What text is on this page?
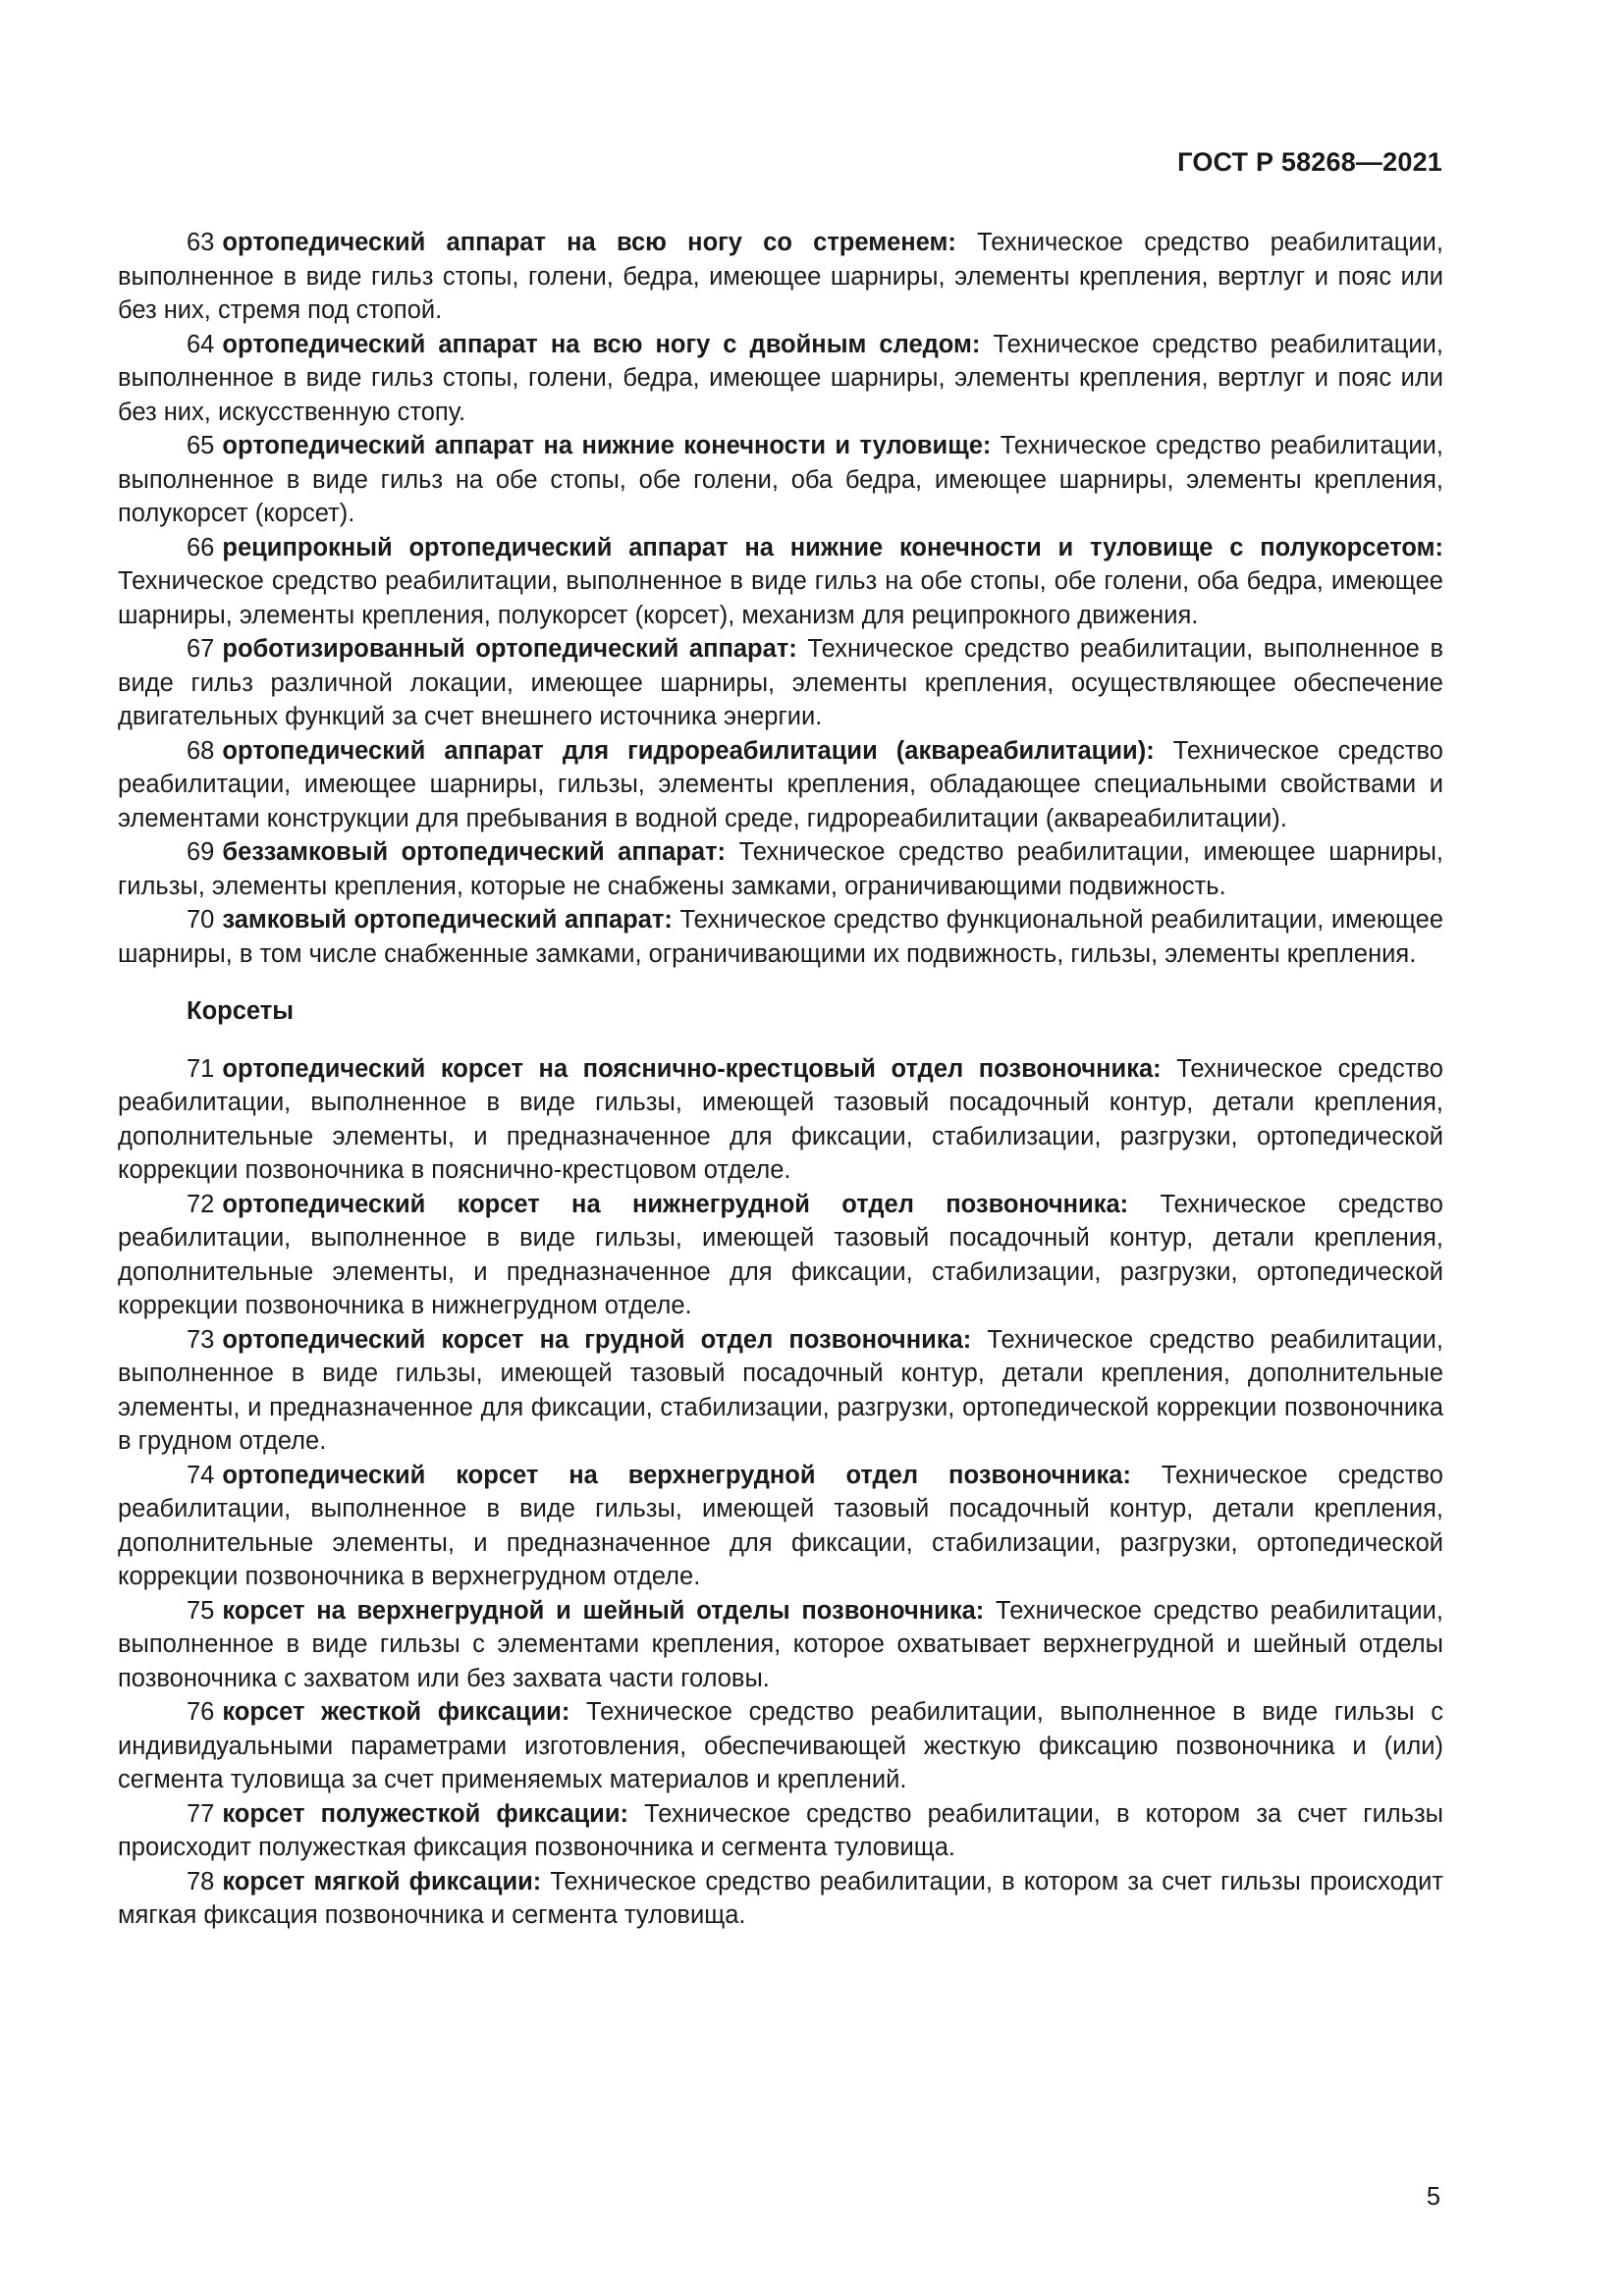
ГОСТ Р 58268—2021

63 ортопедический аппарат на всю ногу со стременем: Техническое средство реабилитации, выполненное в виде гильз стопы, голени, бедра, имеющее шарниры, элементы крепления, вертлуг и пояс или без них, стремя под стопой.

64 ортопедический аппарат на всю ногу с двойным следом: Техническое средство реабилитации, выполненное в виде гильз стопы, голени, бедра, имеющее шарниры, элементы крепления, вертлуг и пояс или без них, искусственную стопу.

65 ортопедический аппарат на нижние конечности и туловище: Техническое средство реабилитации, выполненное в виде гильз на обе стопы, обе голени, оба бедра, имеющее шарниры, элементы крепления, полукорсет (корсет).

66 реципрокный ортопедический аппарат на нижние конечности и туловище с полукорсетом: Техническое средство реабилитации, выполненное в виде гильз на обе стопы, обе голени, оба бедра, имеющее шарниры, элементы крепления, полукорсет (корсет), механизм для реципрокного движения.

67 роботизированный ортопедический аппарат: Техническое средство реабилитации, выполненное в виде гильз различной локации, имеющее шарниры, элементы крепления, осуществляющее обеспечение двигательных функций за счет внешнего источника энергии.

68 ортопедический аппарат для гидрореабилитации (аквареабилитации): Техническое средство реабилитации, имеющее шарниры, гильзы, элементы крепления, обладающее специальными свойствами и элементами конструкции для пребывания в водной среде, гидрореабилитации (аквареабилитации).

69 беззамковый ортопедический аппарат: Техническое средство реабилитации, имеющее шарниры, гильзы, элементы крепления, которые не снабжены замками, ограничивающими подвижность.

70 замковый ортопедический аппарат: Техническое средство функциональной реабилитации, имеющее шарниры, в том числе снабженные замками, ограничивающими их подвижность, гильзы, элементы крепления.

Корсеты

71 ортопедический корсет на пояснично-крестцовый отдел позвоночника: Техническое средство реабилитации, выполненное в виде гильзы, имеющей тазовый посадочный контур, детали крепления, дополнительные элементы, и предназначенное для фиксации, стабилизации, разгрузки, ортопедической коррекции позвоночника в пояснично-крестцовом отделе.

72 ортопедический корсет на нижнегрудной отдел позвоночника: Техническое средство реабилитации, выполненное в виде гильзы, имеющей тазовый посадочный контур, детали крепления, дополнительные элементы, и предназначенное для фиксации, стабилизации, разгрузки, ортопедической коррекции позвоночника в нижнегрудном отделе.

73 ортопедический корсет на грудной отдел позвоночника: Техническое средство реабилитации, выполненное в виде гильзы, имеющей тазовый посадочный контур, детали крепления, дополнительные элементы, и предназначенное для фиксации, стабилизации, разгрузки, ортопедической коррекции позвоночника в грудном отделе.

74 ортопедический корсет на верхнегрудной отдел позвоночника: Техническое средство реабилитации, выполненное в виде гильзы, имеющей тазовый посадочный контур, детали крепления, дополнительные элементы, и предназначенное для фиксации, стабилизации, разгрузки, ортопедической коррекции позвоночника в верхнегрудном отделе.

75 корсет на верхнегрудной и шейный отделы позвоночника: Техническое средство реабилитации, выполненное в виде гильзы с элементами крепления, которое охватывает верхнегрудной и шейный отделы позвоночника с захватом или без захвата части головы.

76 корсет жесткой фиксации: Техническое средство реабилитации, выполненное в виде гильзы с индивидуальными параметрами изготовления, обеспечивающей жесткую фиксацию позвоночника и (или) сегмента туловища за счет применяемых материалов и креплений.

77 корсет полужесткой фиксации: Техническое средство реабилитации, в котором за счет гильзы происходит полужесткая фиксация позвоночника и сегмента туловища.

78 корсет мягкой фиксации: Техническое средство реабилитации, в котором за счет гильзы происходит мягкая фиксация позвоночника и сегмента туловища.

5
